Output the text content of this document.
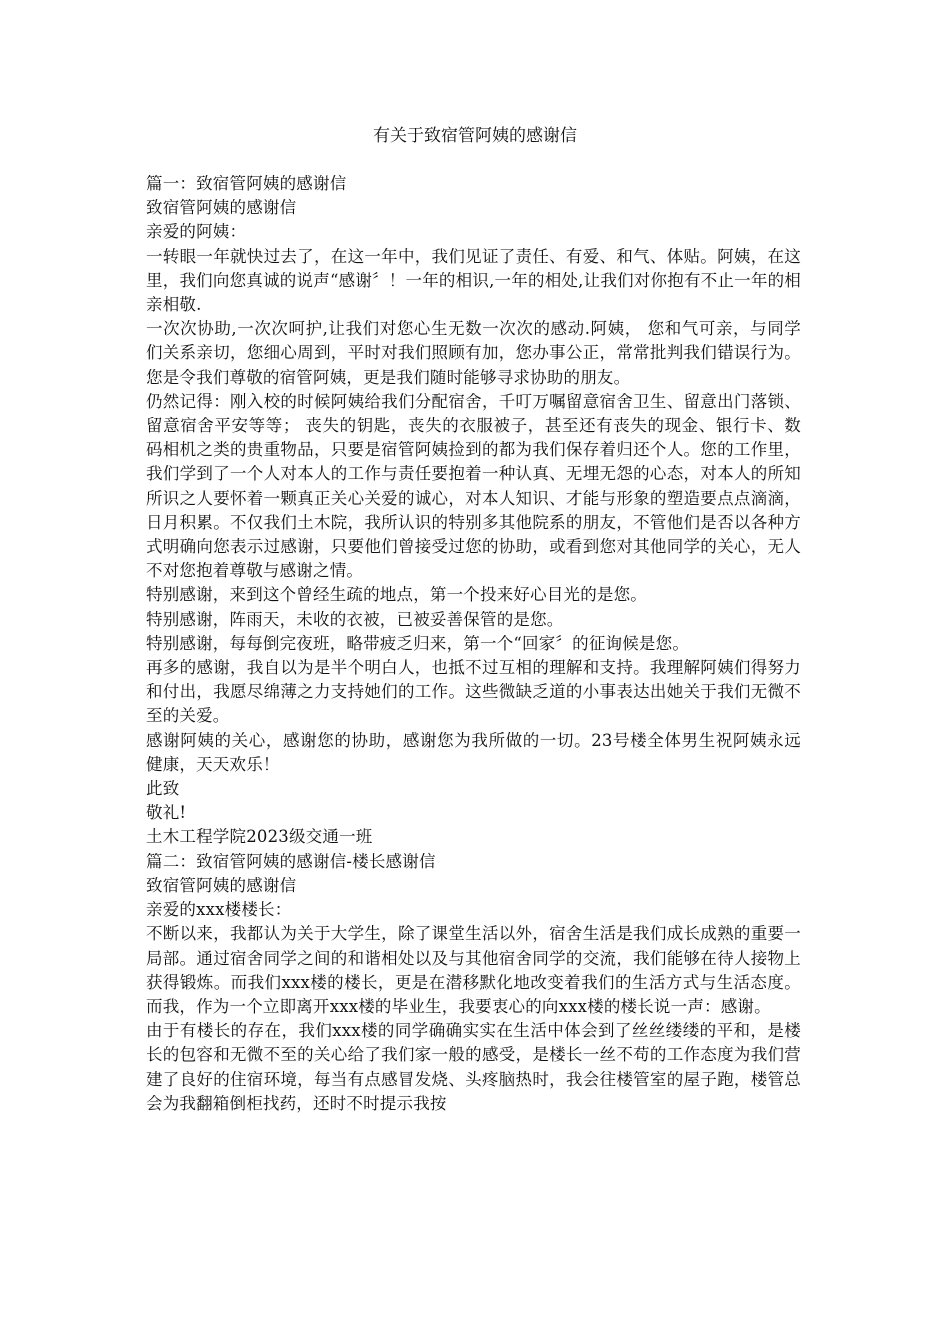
有关于致宿管阿姨的感谢信

篇一：致宿管阿姨的感谢信

致宿管阿姨的感谢信

亲爱的阿姨：

一转眼一年就快过去了，在这一年中，我们见证了责任、有爱、和气、体贴。阿姨，在这里，我们向您真诚的说声“感谢〞！一年的相识,一年的相处,让我们对你抱有不止一年的相亲相敬.

一次次协助,一次次呵护,让我们对您心生无数一次次的感动.阿姨， 您和气可亲，与同学们关系亲切，您细心周到，平时对我们照顾有加，您办事公正，常常批判我们错误行为。您是令我们尊敬的宿管阿姨，更是我们随时能够寻求协助的朋友。

仍然记得：刚入校的时候阿姨给我们分配宿舍，千叮万嘱留意宿舍卫生、留意出门落锁、留意宿舍平安等等； 丧失的钥匙，丧失的衣服被子，甚至还有丧失的现金、银行卡、数码相机之类的贵重物品，只要是宿管阿姨捡到的都为我们保存着归还个人。您的工作里，我们学到了一个人对本人的工作与责任要抱着一种认真、无埋无怨的心态，对本人的所知所识之人要怀着一颗真正关心关爱的诚心，对本人知识、才能与形象的塑造要点点滴滴，日月积累。不仅我们土木院，我所认识的特别多其他院系的朋友，不管他们是否以各种方式明确向您表示过感谢，只要他们曾接受过您的协助，或看到您对其他同学的关心，无人不对您抱着尊敬与感谢之情。

特别感谢，来到这个曾经生疏的地点，第一个投来好心目光的是您。

特别感谢，阵雨天，未收的衣被，已被妥善保管的是您。

特别感谢，每每倒完夜班，略带疲乏归来，第一个“回家〞的征询候是您。

再多的感谢，我自以为是半个明白人，也抵不过互相的理解和支持。我理解阿姨们得努力和付出，我愿尽绵薄之力支持她们的工作。这些微缺乏道的小事表达出她关于我们无微不至的关爱。

感谢阿姨的关心，感谢您的协助，感谢您为我所做的一切。23号楼全体男生祝阿姨永远健康，天天欢乐！

此致

敬礼!

土木工程学院2023级交通一班

篇二：致宿管阿姨的感谢信-楼长感谢信

致宿管阿姨的感谢信

亲爱的xxx楼楼长：

不断以来，我都认为关于大学生，除了课堂生活以外，宿舍生活是我们成长成熟的重要一局部。通过宿舍同学之间的和谐相处以及与其他宿舍同学的交流，我们能够在待人接物上获得锻炼。而我们xxx楼的楼长，更是在潜移默化地改变着我们的生活方式与生活态度。而我，作为一个立即离开xxx楼的毕业生，我要衷心的向xxx楼的楼长说一声：感谢。

由于有楼长的存在，我们xxx楼的同学确确实实在生活中体会到了丝丝缕缕的平和，是楼长的包容和无微不至的关心给了我们家一般的感受，是楼长一丝不苟的工作态度为我们营建了良好的住宿环境，每当有点感冒发烧、头疼脑热时，我会往楼管室的屋子跑，楼管总会为我翻箱倒柜找药，还时不时提示我按
